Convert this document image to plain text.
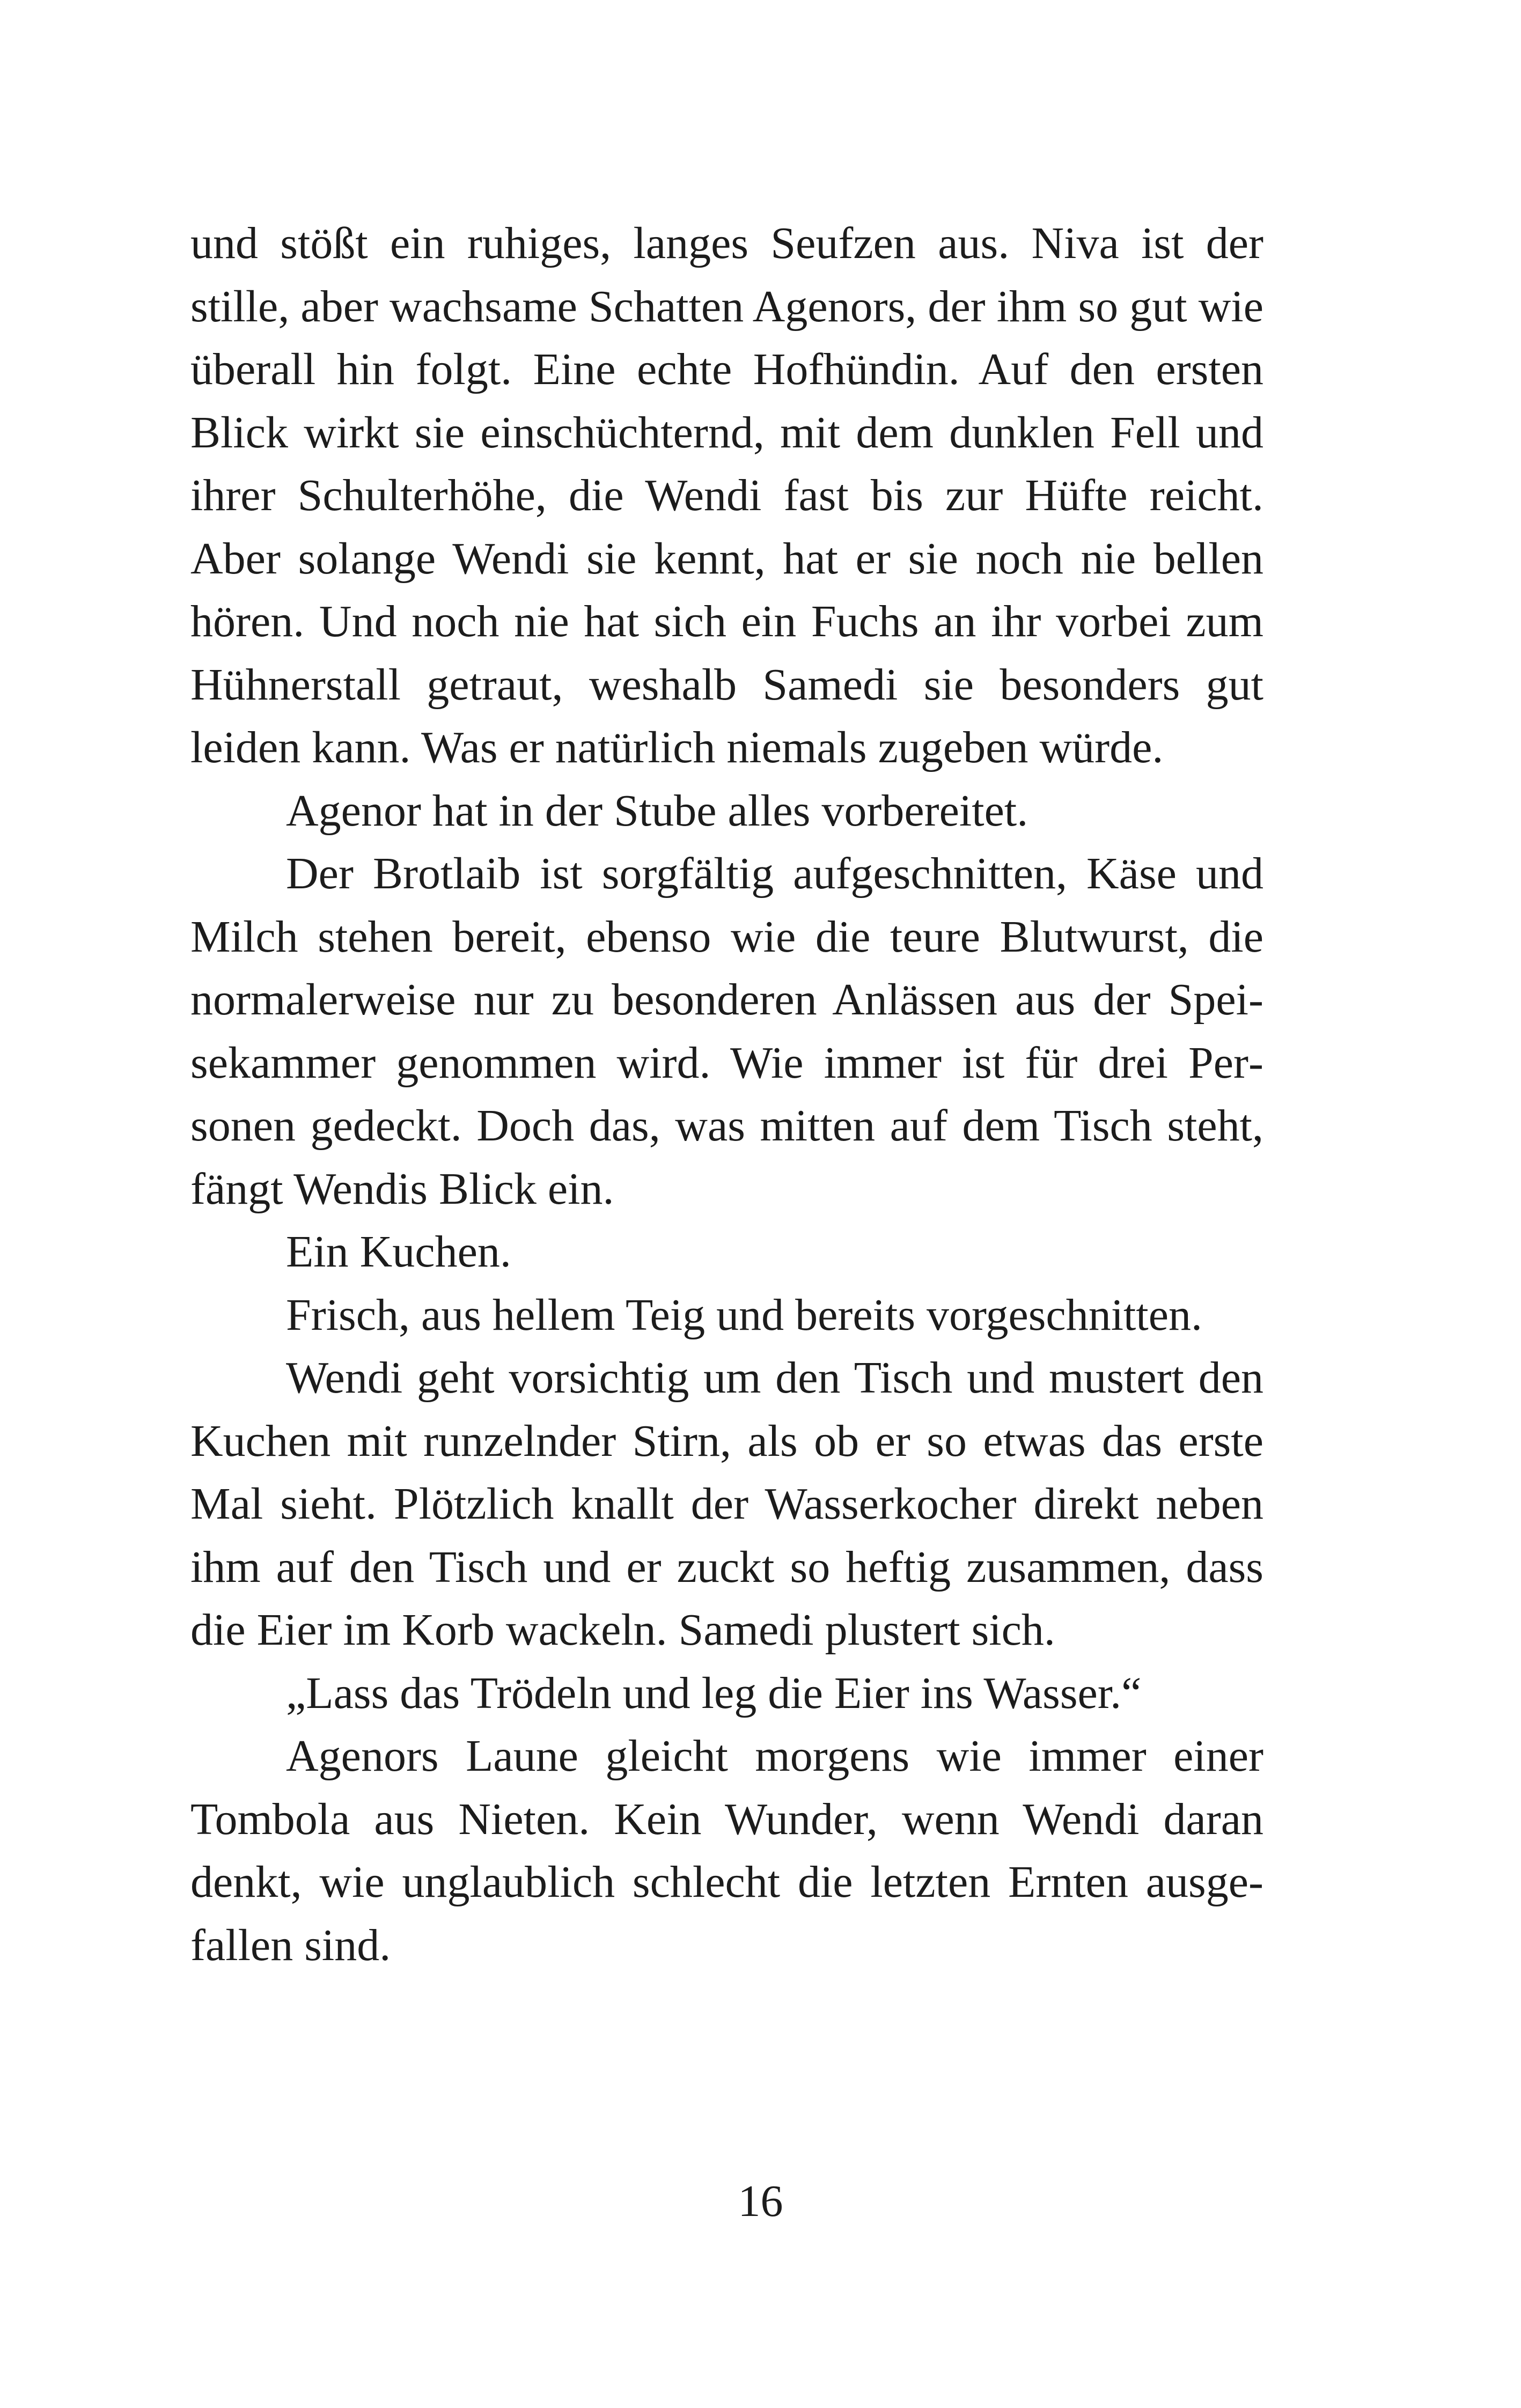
und stößt ein ruhiges, langes Seufzen aus. Niva ist der stille, aber wachsame Schatten Agenors, der ihm so gut wie überall hin folgt. Eine echte Hofhündin. Auf den ersten Blick wirkt sie einschüchternd, mit dem dunklen Fell und ihrer Schulterhöhe, die Wendi fast bis zur Hüfte reicht. Aber solange Wendi sie kennt, hat er sie noch nie bellen hören. Und noch nie hat sich ein Fuchs an ihr vorbei zum Hühnerstall getraut, weshalb Samedi sie besonders gut leiden kann. Was er natürlich niemals zugeben würde.

Agenor hat in der Stube alles vorbereitet.

Der Brotlaib ist sorgfältig aufgeschnitten, Käse und Milch stehen bereit, ebenso wie die teure Blutwurst, die normalerweise nur zu besonderen Anlässen aus der Speisekammer genommen wird. Wie immer ist für drei Personen gedeckt. Doch das, was mitten auf dem Tisch steht, fängt Wendis Blick ein.

Ein Kuchen.

Frisch, aus hellem Teig und bereits vorgeschnitten.

Wendi geht vorsichtig um den Tisch und mustert den Kuchen mit runzelnder Stirn, als ob er so etwas das erste Mal sieht. Plötzlich knallt der Wasserkocher direkt neben ihm auf den Tisch und er zuckt so heftig zusammen, dass die Eier im Korb wackeln. Samedi plustert sich.

„Lass das Trödeln und leg die Eier ins Wasser.“

Agenors Laune gleicht morgens wie immer einer Tombola aus Nieten. Kein Wunder, wenn Wendi daran denkt, wie unglaublich schlecht die letzten Ernten ausgefallen sind.

16
